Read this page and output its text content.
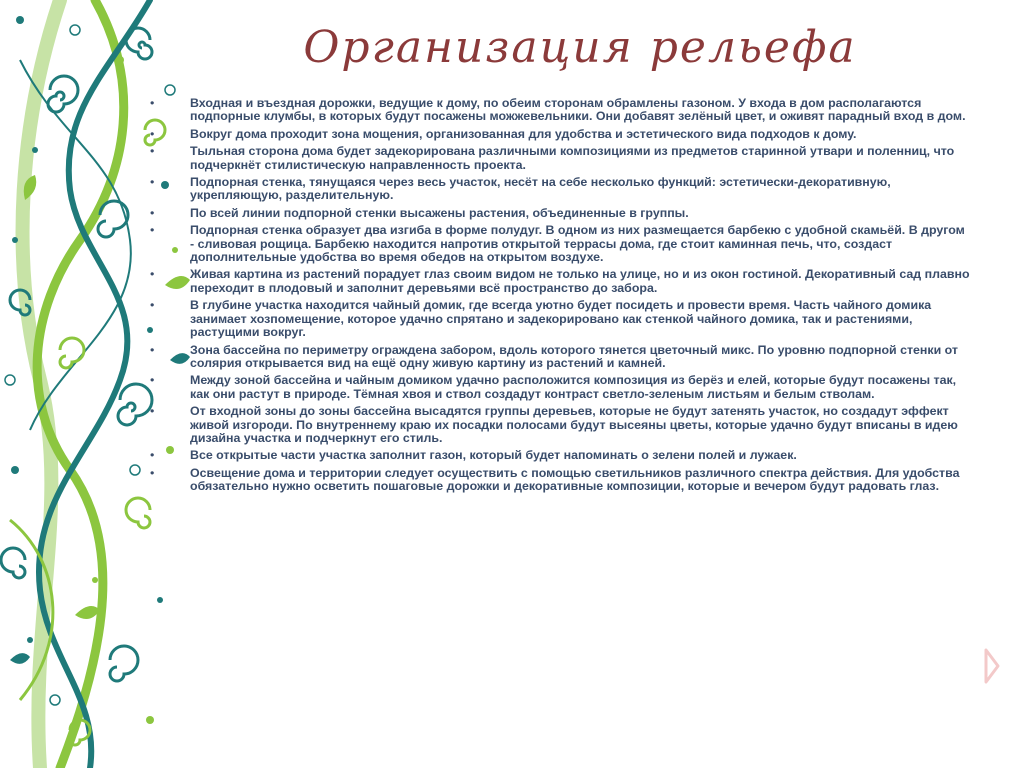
Организация рельефа
•	Входная и въездная дорожки, ведущие к дому, по обеим сторонам обрамлены газоном. У входа в дом располагаются подпорные клумбы, в которых будут посажены можжевельники. Они добавят зелёный цвет, и оживят парадный вход в дом.
•	Вокруг дома проходит зона мощения, организованная для удобства и эстетического вида подходов к дому.
•	Тыльная сторона дома будет задекорирована различными композициями из предметов старинной утвари и поленниц, что подчеркнёт стилистическую направленность проекта.
•	Подпорная стенка, тянущаяся через весь участок, несёт на себе несколько функций: эстетически-декоративную, укрепляющую, разделительную.
•	По всей линии подпорной стенки высажены растения, объединенные в группы.
•	Подпорная стенка образует два изгиба в форме полудуг. В одном из них размещается барбекю с удобной скамьёй. В другом - сливовая рощица. Барбекю находится напротив открытой террасы дома, где стоит каминная печь, что, создаст дополнительные удобства во время обедов на открытом воздухе.
•	Живая картина из растений порадует глаз своим видом не только на улице, но и из окон гостиной. Декоративный сад плавно переходит в плодовый и заполнит деревьями всё пространство до забора.
•	В глубине участка находится чайный домик, где всегда уютно будет посидеть и провести время. Часть чайного домика занимает хозпомещение, которое удачно спрятано и задекорировано как стенкой чайного домика, так и растениями, растущими вокруг.
•	Зона бассейна по периметру ограждена забором, вдоль которого тянется цветочный микс. По уровню подпорной стенки от солярия открывается вид на ещё одну живую картину из растений и камней.
•	Между зоной бассейна и чайным домиком удачно расположится композиция из берёз и елей, которые будут посажены так, как они растут в природе. Тёмная хвоя и ствол создадут контраст светло-зеленым листьям и белым стволам.
•	От входной зоны до зоны бассейна высадятся группы деревьев, которые не будут затенять участок, но создадут эффект живой изгороди. По внутреннему краю их посадки полосами будут высеяны цветы, которые удачно будут вписаны в идею дизайна участка и подчеркнут его стиль.
•	Все открытые части участка заполнит газон, который будет напоминать о зелени полей и лужаек.
•	Освещение дома и территории следует осуществить с помощью светильников различного спектра действия. Для удобства обязательно нужно осветить пошаговые дорожки и декоративные композиции, которые и вечером будут радовать глаз.
